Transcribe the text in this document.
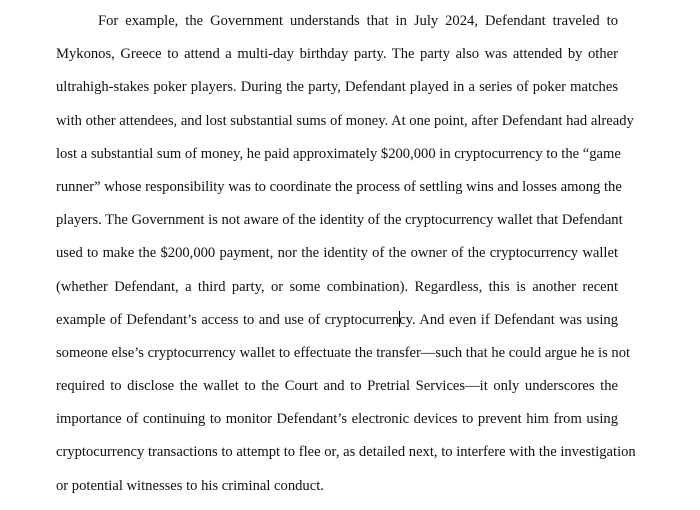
For example, the Government understands that in July 2024, Defendant traveled to
Mykonos, Greece to attend a multi-day birthday party. The party also was attended by other
ultrahigh-stakes poker players. During the party, Defendant played in a series of poker matches
with other attendees, and lost substantial sums of money. At one point, after Defendant had already
lost a substantial sum of money, he paid approximately $200,000 in cryptocurrency to the “game
runner” whose responsibility was to coordinate the process of settling wins and losses among the
players. The Government is not aware of the identity of the cryptocurrency wallet that Defendant
used to make the $200,000 payment, nor the identity of the owner of the cryptocurrency wallet
(whether Defendant, a third party, or some combination). Regardless, this is another recent
example of Defendant’s access to and use of cryptocurrency. And even if Defendant was using
someone else’s cryptocurrency wallet to effectuate the transfer—such that he could argue he is not
required to disclose the wallet to the Court and to Pretrial Services—it only underscores the
importance of continuing to monitor Defendant’s electronic devices to prevent him from using
cryptocurrency transactions to attempt to flee or, as detailed next, to interfere with the investigation
or potential witnesses to his criminal conduct.
